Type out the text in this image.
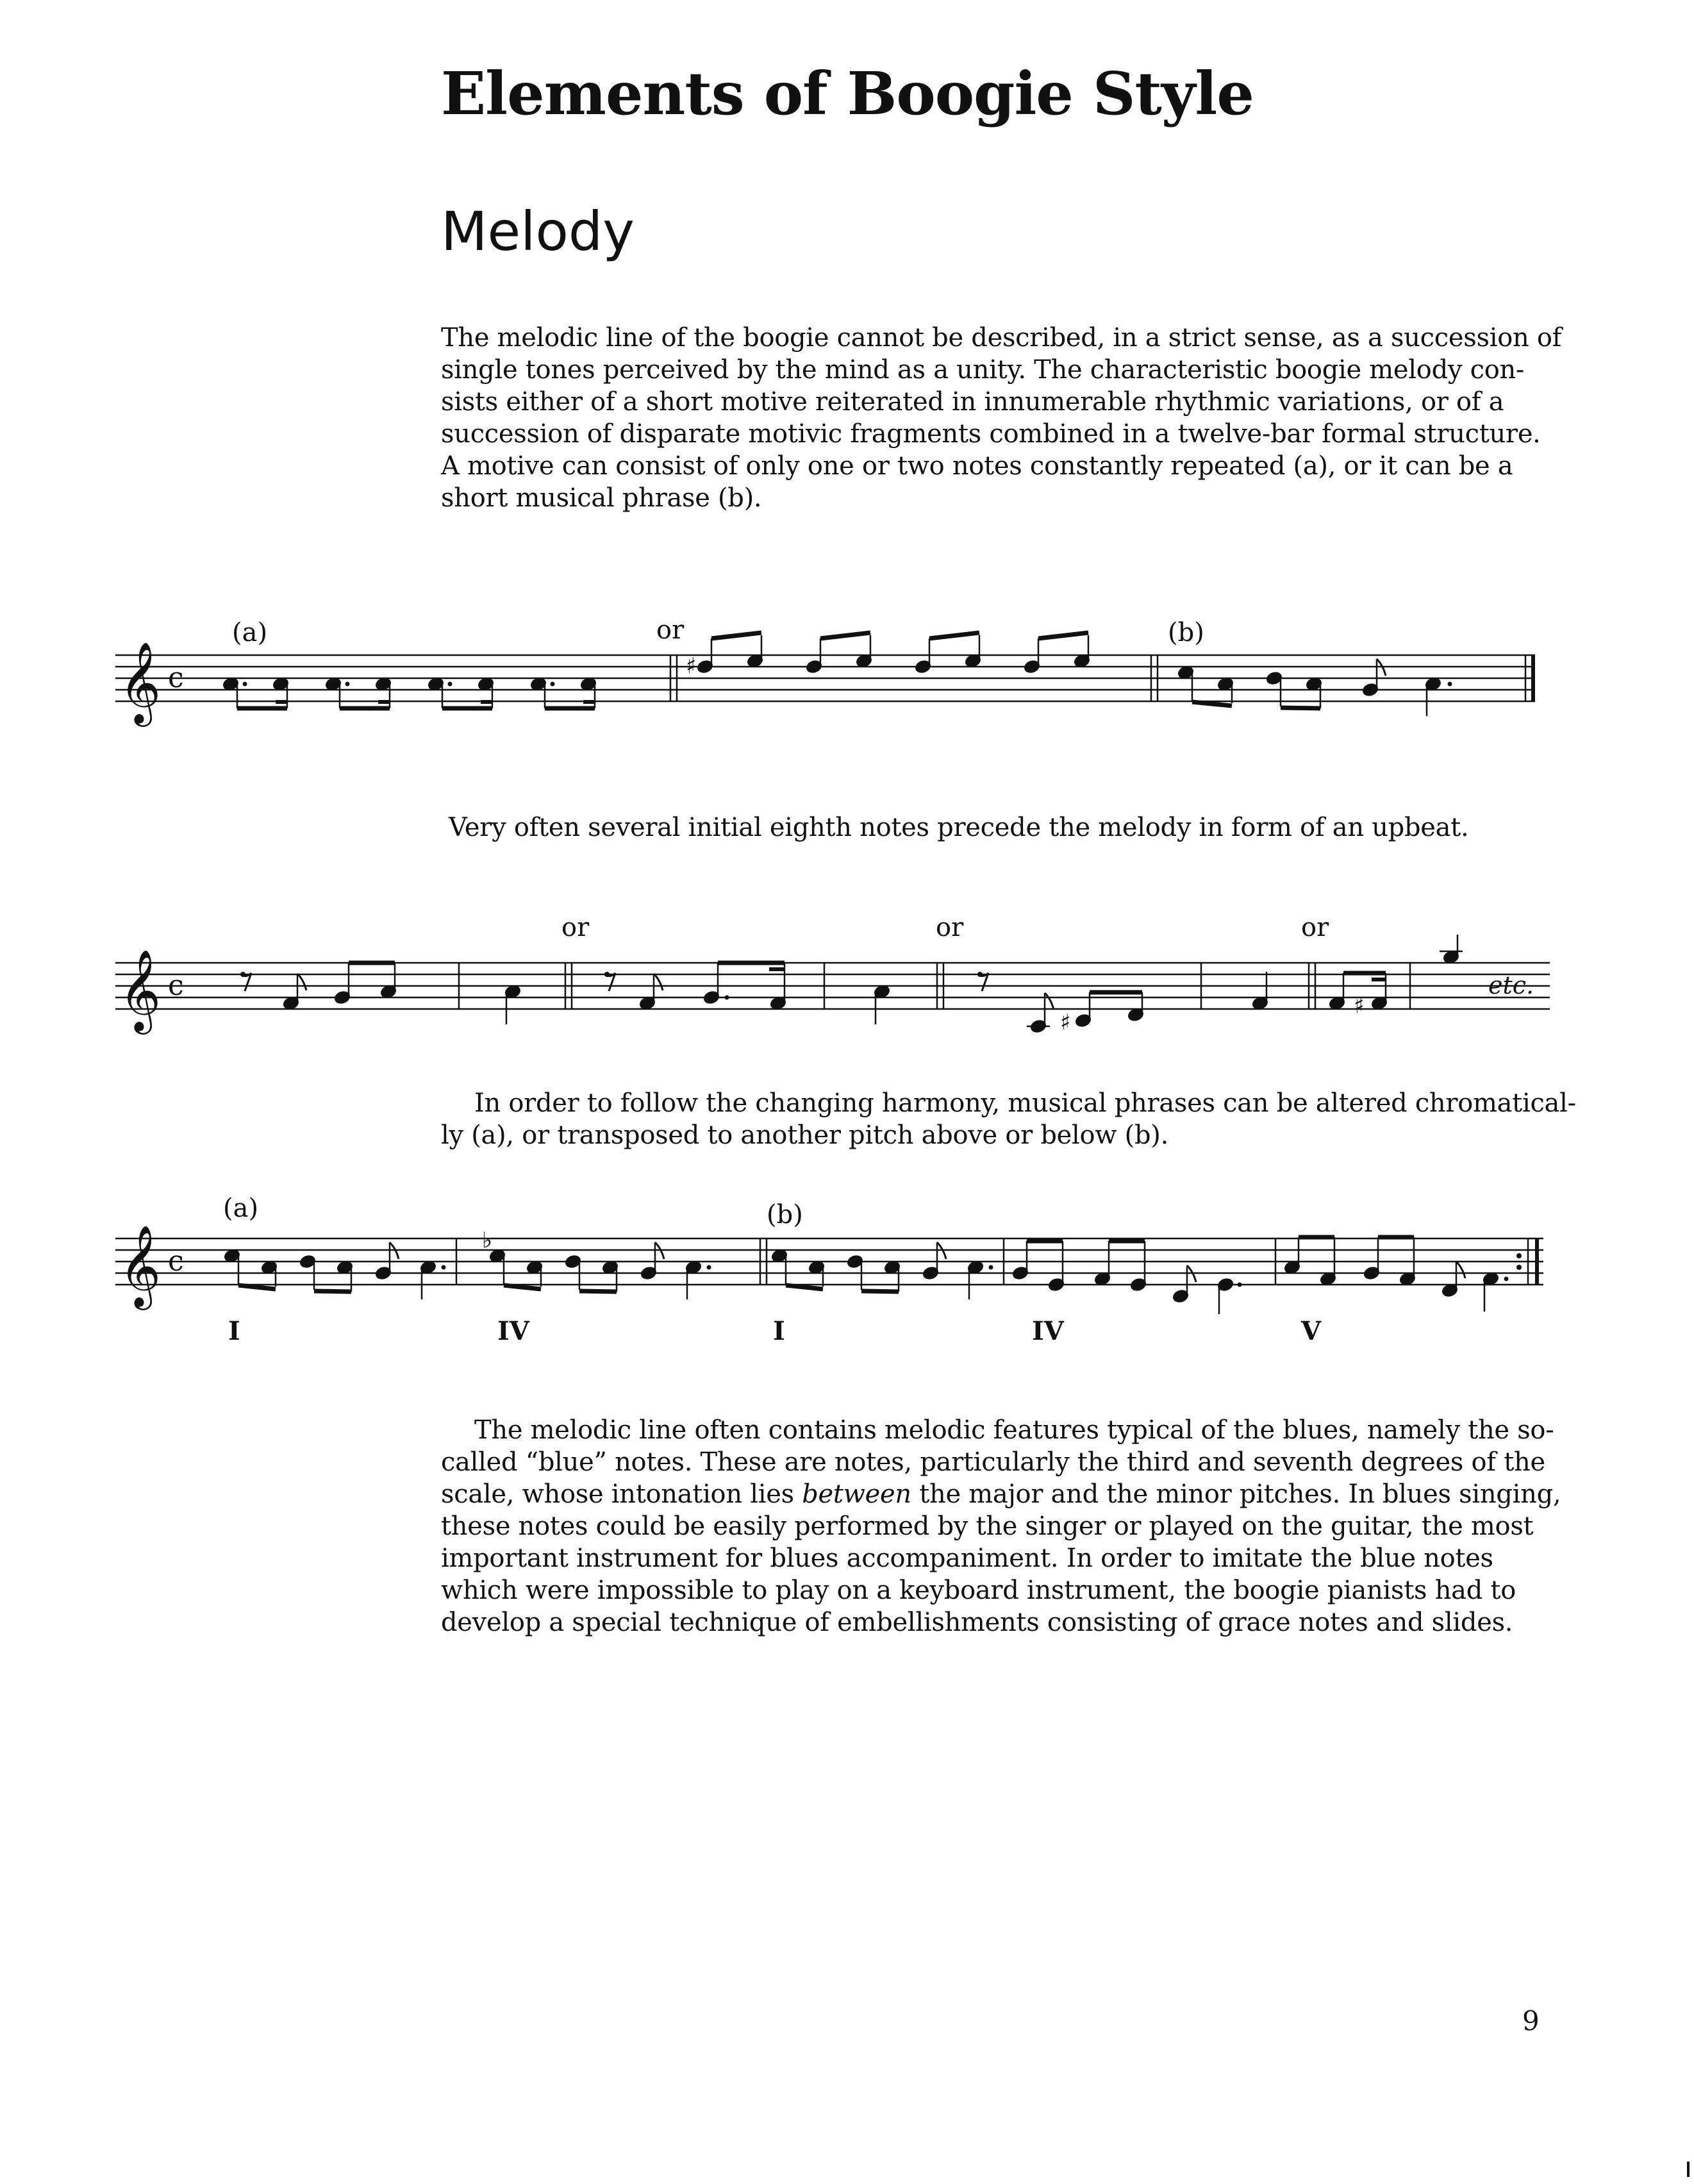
Elements of Boogie Style
Melody
The melodic line of the boogie cannot be described, in a strict sense, as a succession of
single tones perceived by the mind as a unity. The characteristic boogie melody con-
sists either of a short motive reiterated in innumerable rhythmic variations, or of a
succession of disparate motivic fragments combined in a twelve-bar formal structure.
A motive can consist of only one or two notes constantly repeated (a), or it can be a
short musical phrase (b).
𝄞 c
(a)	or	(b)
♯
Very often several initial eighth notes precede the melody in form of an upbeat.
𝄞 c
or	or	or
♯
♯
etc.
In order to follow the changing harmony, musical phrases can be altered chromatical-
ly (a), or transposed to another pitch above or below (b).
𝄞 c
(a)	(b)
♭
I	IV	I	IV	V
The melodic line often contains melodic features typical of the blues, namely the so-
called “blue” notes. These are notes, particularly the third and seventh degrees of the
scale, whose intonation lies between the major and the minor pitches. In blues singing,
these notes could be easily performed by the singer or played on the guitar, the most
important instrument for blues accompaniment. In order to imitate the blue notes
which were impossible to play on a keyboard instrument, the boogie pianists had to
develop a special technique of embellishments consisting of grace notes and slides.
9
